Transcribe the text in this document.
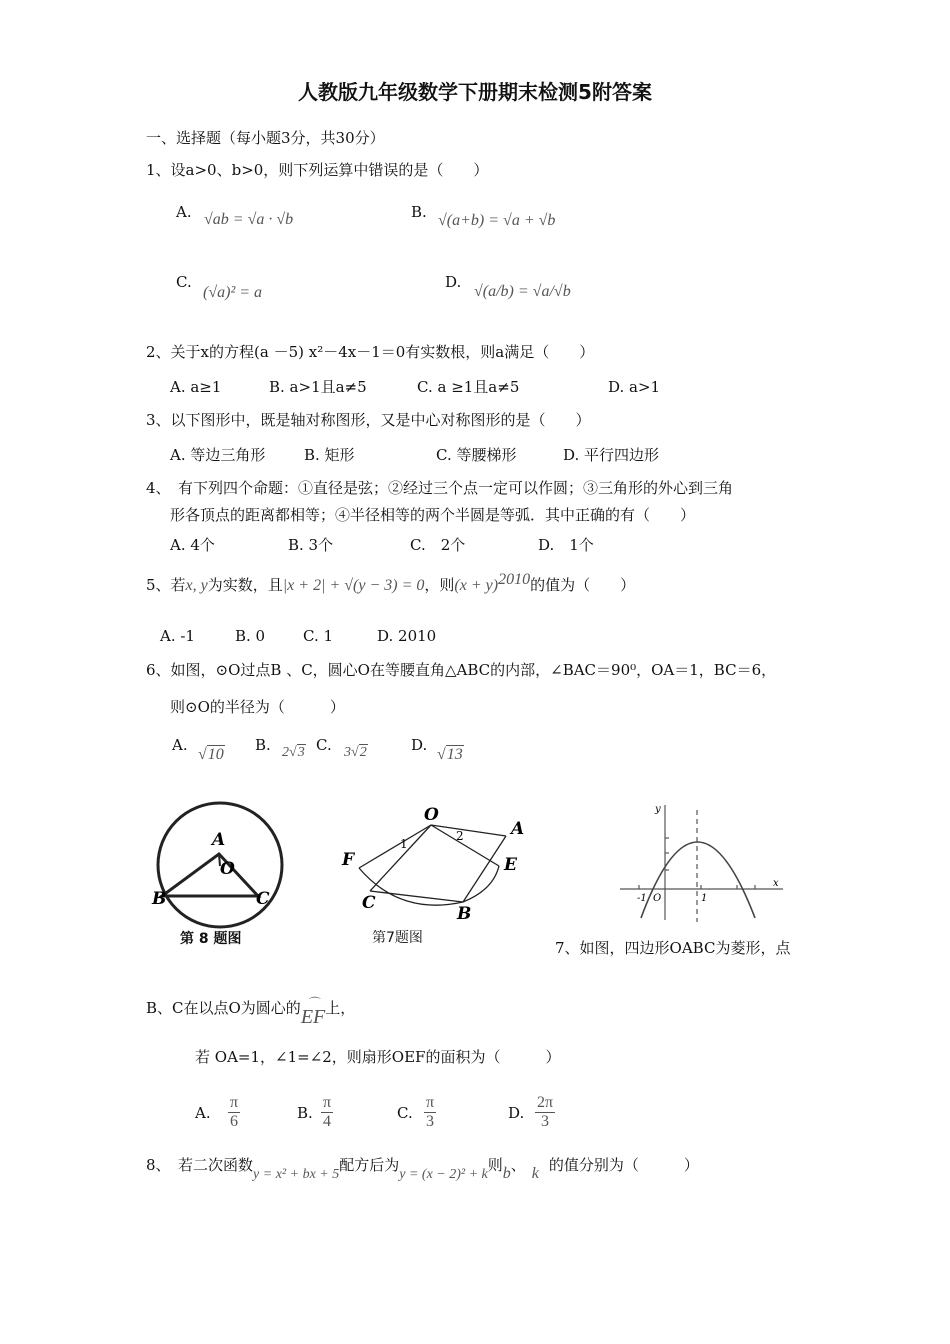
人教版九年级数学下册期末检测5附答案
一、选择题（每小题3分，共30分）
1、设a>0、b>0，则下列运算中错误的是（　　）
A. √ab = √a · √b	B. √(a+b) = √a + √b
C.
(√a)² = a
D.
√(a/b) = √a/√b
2、关于x的方程(a －5) x²－4x－1＝0有实数根，则a满足（　　）
A. a≥1	B. a>1且a≠5	C. a ≥1且a≠5	D. a>1
3、以下图形中，既是轴对称图形，又是中心对称图形的是（　　）
A. 等边三角形	B. 矩形	C. 等腰梯形	D. 平行四边形
4、　有下列四个命题：①直径是弦；②经过三个点一定可以作圆；③三角形的外心到三角
形各顶点的距离都相等；④半径相等的两个半圆是等弧．其中正确的有（　　）
A. 4个	B. 3个	C.　2个	D.　1个
5、若x, y为实数，且|x + 2| + √(y − 3) = 0，则$(x + y)^{2010}$的值为（　　）
A. -1	B. 0	C. 1	D. 2010
6、如图，⊙O过点B 、C，圆心O在等腰直角△ABC的内部，∠BAC＝90⁰，OA＝1，BC＝6，
则⊙O的半径为（　　　）
A.
√ 10
B. 2 √ 3 C. 3 √ 2	D.
√ 13
A
O
B	C
第 8 题图
O
A
F	E
C
B
1
2
第7题图
y
x
-1 O	1
7、如图，四边形OABC为菱形，点
B、C在以点O为圆心的 ⌒
EF上，
若 OA=1，∠1=∠2，则扇形OEF的面积为（　　　）
A. $\frac{\pi}{6}$	B. $\frac{\pi}{4}$	C. $\frac{\pi}{3}$	D. $\frac{2\pi}{3}$
8、　若二次函数y = x² + bx + 5配方后为y = (x − 2)² + k则b、 k 的值分别为（　　　）
